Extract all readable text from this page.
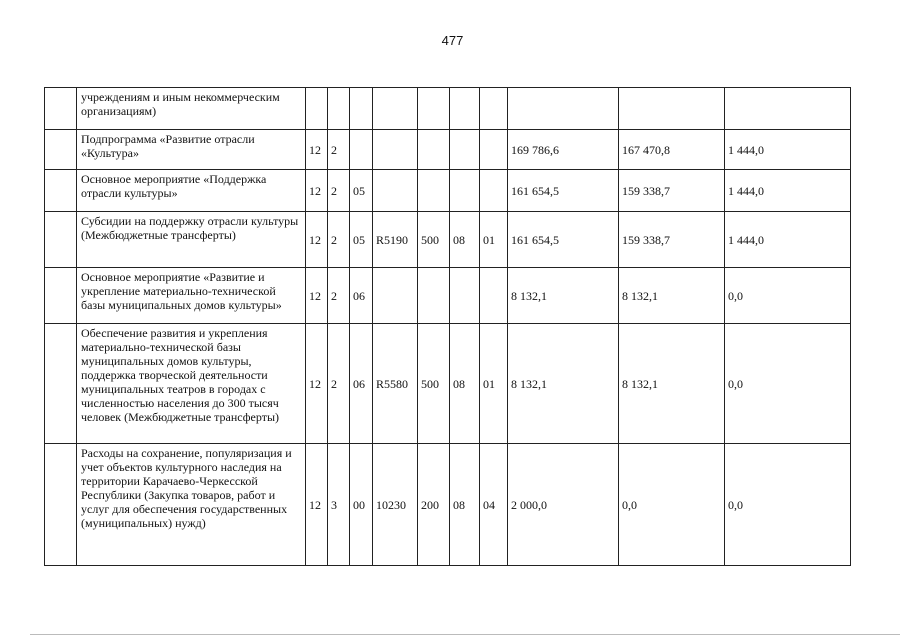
477
	учреждениям и иным некоммерческим организациям)										
	Подпрограмма «Развитие отрасли «Культура»	12	2						169 786,6	167 470,8	1 444,0
	Основное мероприятие «Поддержка отрасли культуры»	12	2	05					161 654,5	159 338,7	1 444,0
	Субсидии на поддержку отрасли культуры (Межбюджетные трансферты)	12	2	05	R5190	500	08	01	161 654,5	159 338,7	1 444,0
	Основное мероприятие «Развитие и укрепление материально-технической базы муниципальных домов культуры»	12	2	06					8 132,1	8 132,1	0,0
	Обеспечение развития и укрепления материально-технической базы муниципальных домов культуры, поддержка творческой деятельности муниципальных театров в городах с численностью населения до 300 тысяч человек (Межбюджетные трансферты)	12	2	06	R5580	500	08	01	8 132,1	8 132,1	0,0
	Расходы на сохранение, популяризация и учет объектов культурного наследия на территории Карачаево-Черкесской Республики (Закупка товаров, работ и услуг для обеспечения государственных (муниципальных) нужд)	12	3	00	10230	200	08	04	2 000,0	0,0	0,0
